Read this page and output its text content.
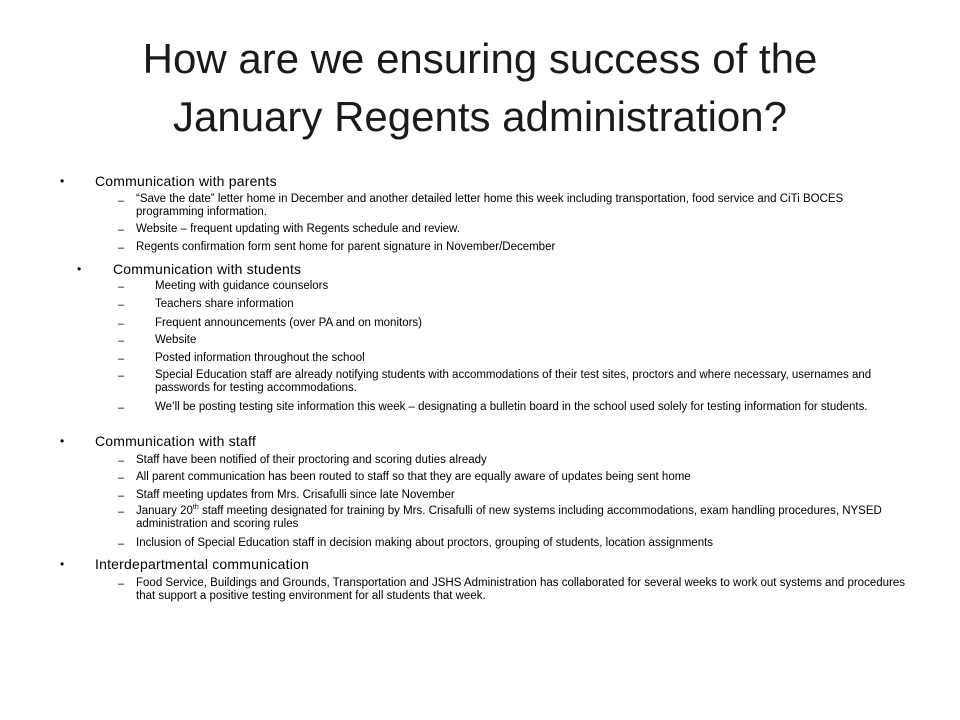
How are we ensuring success of the
January Regents administration?
• Communication with parents
– “Save the date” letter home in December and another detailed letter home this week including transportation, food service and CiTi BOCES programming information.
– Website – frequent updating with Regents schedule and review.
– Regents confirmation form sent home for parent signature in November/December
• Communication with students
–	Meeting with guidance counselors
–	Teachers share information
–	Frequent announcements (over PA and on monitors)
–	Website
–	Posted information throughout the school
–	Special Education staff are already notifying students with accommodations of their test sites, proctors and where necessary, usernames and passwords for testing accommodations.
–	We’ll be posting testing site information this week – designating a bulletin board in the school used solely for testing information for students.
• Communication with staff
– Staff have been notified of their proctoring and scoring duties already
– All parent communication has been routed to staff so that they are equally aware of updates being sent home
– Staff meeting updates from Mrs. Crisafulli since late November
– January 20th staff meeting designated for training by Mrs. Crisafulli of new systems including accommodations, exam handling procedures, NYSED administration and scoring rules
– Inclusion of Special Education staff in decision making about proctors, grouping of students, location assignments
• Interdepartmental communication
– Food Service, Buildings and Grounds, Transportation and JSHS Administration has collaborated for several weeks to work out systems and procedures that support a positive testing environment for all students that week.
